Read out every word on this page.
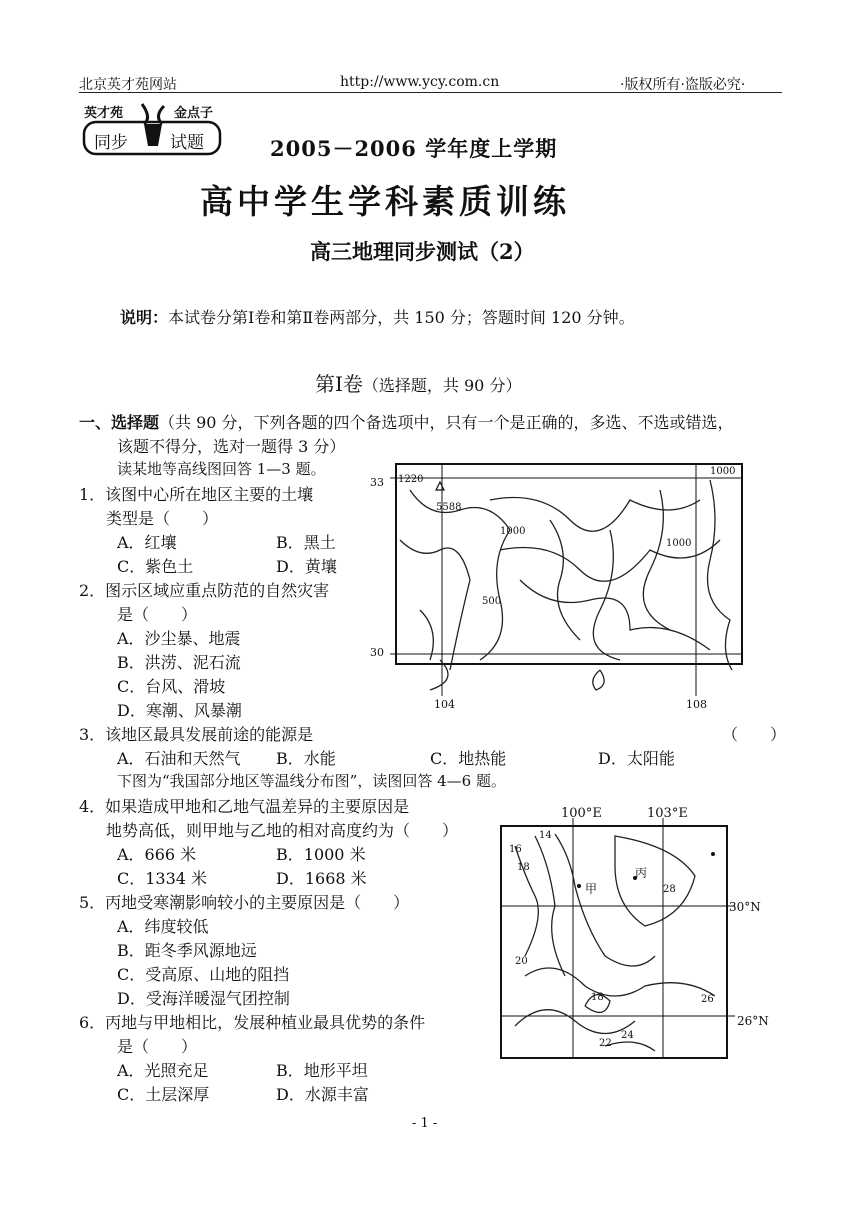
北京英才苑网站	http://www.ycy.com.cn	·版权所有·盗版必究·
英才苑	金点子
同步 试题	2005－2006 学年度上学期
高中学生学科素质训练
高三地理同步测试（2）
说明：本试卷分第Ⅰ卷和第Ⅱ卷两部分，共 150 分；答题时间 120 分钟。
第Ⅰ卷（选择题，共 90 分）
一、选择题（共 90 分，下列各题的四个备选项中，只有一个是正确的，多选、不选或错选，
该题不得分，选对一题得 3 分）
读某地等高线图回答 1—3 题。
1．该图中心所在地区主要的土壤
类型是（　　）
A．红壤	B．黑土
C．紫色土	D．黄壤
2．图示区域应重点防范的自然灾害
是（　　）
A．沙尘暴、地震
B．洪涝、泥石流
C．台风、滑坡
D．寒潮、风暴潮
33
30
104	108
5588
1220
1000
1000
1000
500
3．该地区最具发展前途的能源是	（　　）
A．石油和天然气 B．水能	C．地热能	D．太阳能
下图为“我国部分地区等温线分布图”，读图回答 4—6 题。
4．如果造成甲地和乙地气温差异的主要原因是
地势高低，则甲地与乙地的相对高度约为（　　）
A．666 米	B．1000 米
C．1334 米	D．1668 米
5．丙地受寒潮影响较小的主要原因是（　　）
A．纬度较低
B．距冬季风源地远
C．受高原、山地的阻挡
D．受海洋暖湿气团控制
6．丙地与甲地相比，发展种植业最具优势的条件
是（　　）
A．光照充足	B．地形平坦
C．土层深厚	D．水源丰富
100°E	103°E
30°N
26°N
14
16
18
20
28
26
18
22
24
甲
丙
- 1 -
